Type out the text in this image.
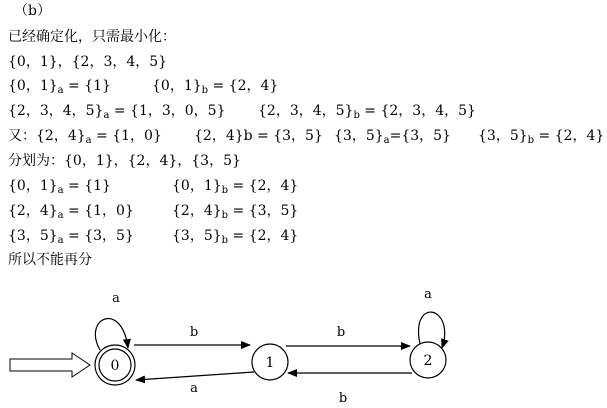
（b）
已经确定化，只需最小化：
{0，1}，{2，3，4，5}
{0，$1\}_a = \{1\}$	{0，$1\}_b = \{2$，4}
{2，3，4，$5\}_a = \{1$，3，0，5} {2，3，4，$5\}_b = \{2$，3，4，5}
又：{2，$4\}_a = \{1$，0} {2，4}b = {3，5} {3，$5\}_a=\{3$，5} {3，$5\}_b = \{2$，4}
分划为：{0，1}，{2，4}，{3，5}
{0，$1\}_a = \{1\}$	{0，$1\}_b = \{2$，4}
{2，$4\}_a = \{1$，0}	{2，$4\}_b = \{3$，5}
{3，$5\}_a = \{3$，5}	{3，$5\}_b = \{2$，4}
所以不能再分
0	1	2
a
b
a
b
a
b
